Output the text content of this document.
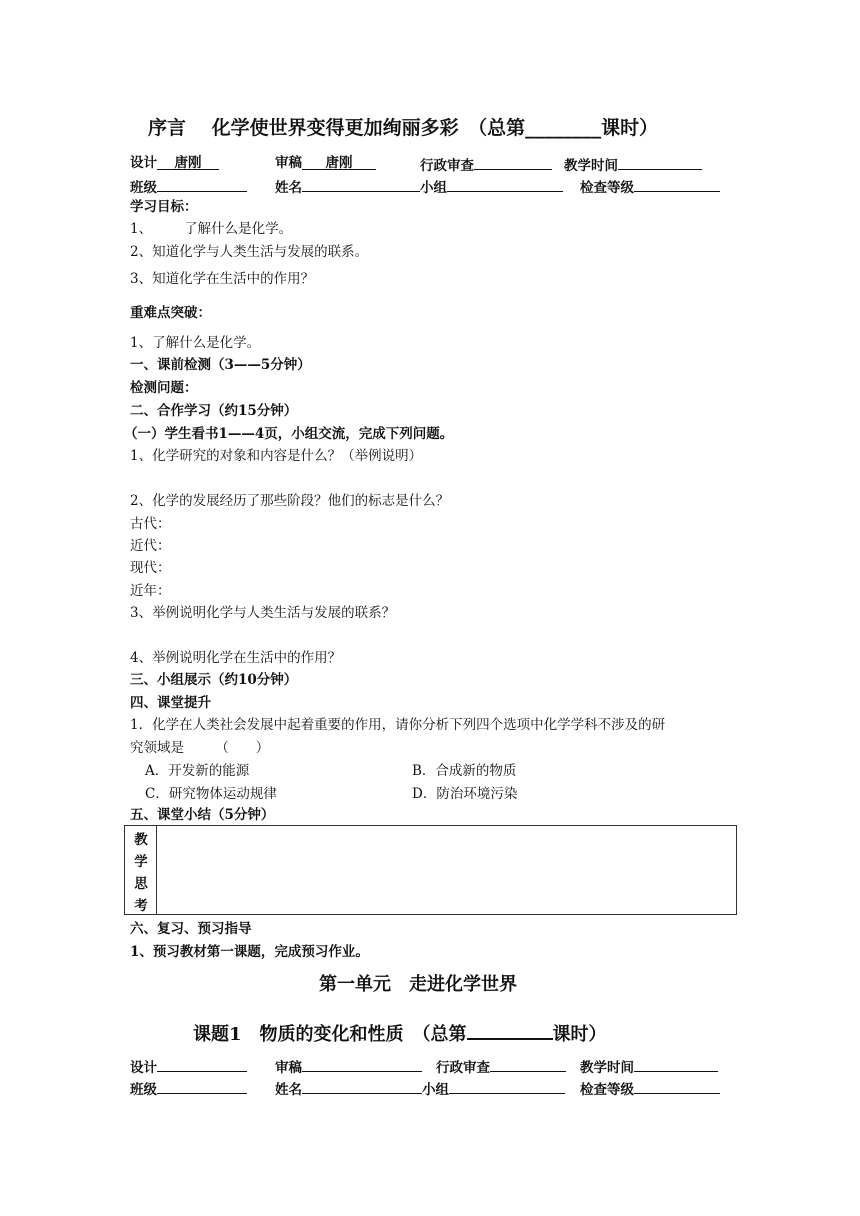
序言　 化学使世界变得更加绚丽多彩　（总第________课时）
设计 唐刚	审稿 唐刚	行政审查	教学时间
班级	姓名	小组	检查等级
学习目标：
1、 了解什么是化学。
2、知道化学与人类生活与发展的联系。
3、知道化学在生活中的作用？
重难点突破：
1、了解什么是化学。
一、课前检测（3——5分钟）
检测问题：
二、合作学习（约15分钟）
（一）学生看书1——4页，小组交流，完成下列问题。
1、化学研究的对象和内容是什么？（举例说明）
2、化学的发展经历了那些阶段？他们的标志是什么？
古代：
近代：
现代：
近年：
3、举例说明化学与人类生活与发展的联系？
4、举例说明化学在生活中的作用？
三、小组展示（约10分钟）
四、课堂提升
1．化学在人类社会发展中起着重要的作用，请你分析下列四个选项中化学学科不涉及的研
究领域是　　 （　　）
A．开发新的能源	B．合成新的物质
C．研究物体运动规律	D．防治环境污染
五、课堂小结（5分钟）
教
学
思
考
六、复习、预习指导
1、预习教材第一课题，完成预习作业。
第一单元　走进化学世界
课题1　物质的变化和性质　（总第	课时）
设计	审稿	行政审查	教学时间
班级	姓名	小组	检查等级
